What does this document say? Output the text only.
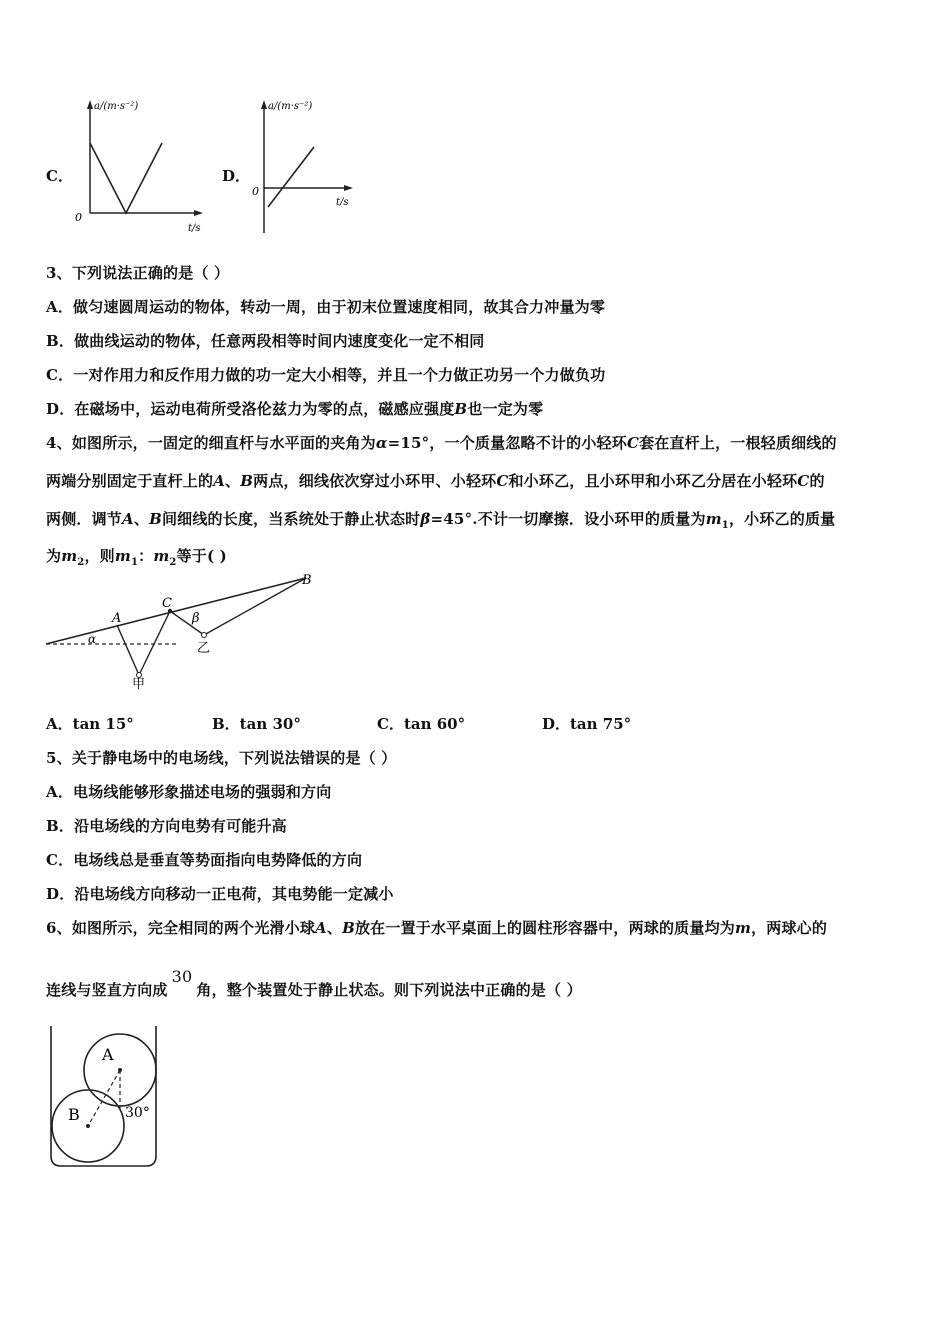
C．
a/(m·s⁻²)
0
t/s
D．
a/(m·s⁻²)
0
t/s
3、下列说法正确的是（ ）
A．做匀速圆周运动的物体，转动一周，由于初末位置速度相同，故其合力冲量为零
B．做曲线运动的物体，任意两段相等时间内速度变化一定不相同
C．一对作用力和反作用力做的功一定大小相等，并且一个力做正功另一个力做负功
D．在磁场中，运动电荷所受洛伦兹力为零的点，磁感应强度B也一定为零
4、如图所示，一固定的细直杆与水平面的夹角为α=15°，一个质量忽略不计的小轻环C套在直杆上，一根轻质细线的
两端分别固定于直杆上的A、B两点，细线依次穿过小环甲、小轻环C和小环乙，且小环甲和小环乙分居在小轻环C的
两侧．调节A、B间细线的长度，当系统处于静止状态时β=45°.不计一切摩擦．设小环甲的质量为$m_1$，小环乙的质量
为$m_2$，则$m_1$：$m_2$等于( )
A
C
B
β
α
甲
乙
A．tan 15°	B．tan 30°	C．tan 60°	D．tan 75°
5、关于静电场中的电场线，下列说法错误的是（ ）
A．电场线能够形象描述电场的强弱和方向
B．沿电场线的方向电势有可能升高
C．电场线总是垂直等势面指向电势降低的方向
D．沿电场线方向移动一正电荷，其电势能一定减小
6、如图所示，完全相同的两个光滑小球A、B放在一置于水平桌面上的圆柱形容器中，两球的质量均为m，两球心的
连线与竖直方向成30角，整个装置处于静止状态。则下列说法中正确的是（ ）
A
B	30°
